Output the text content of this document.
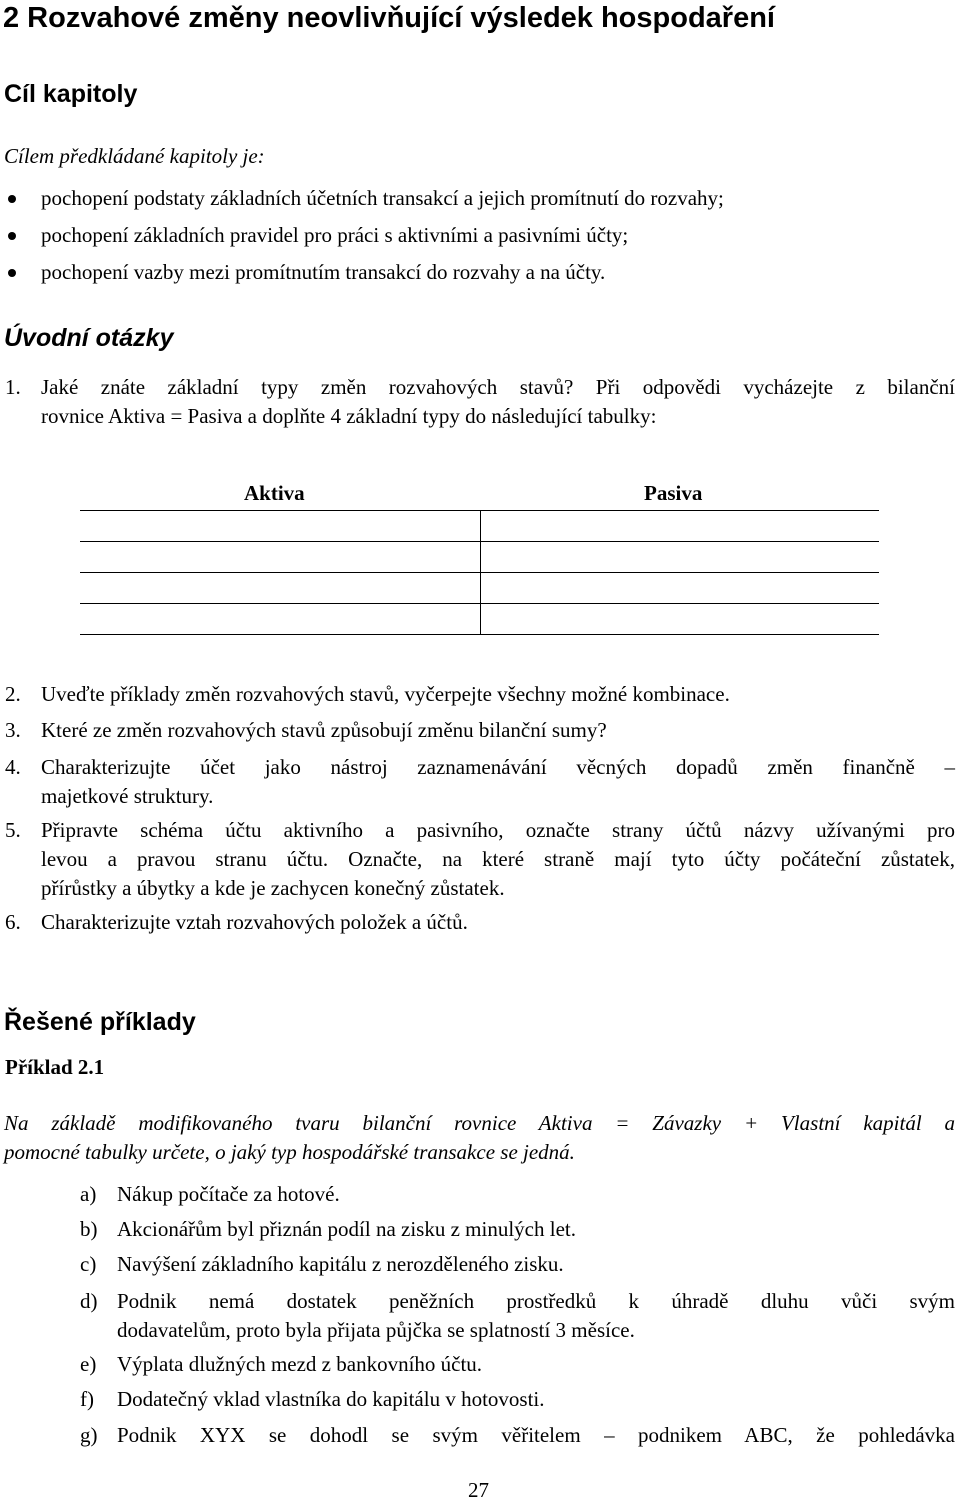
2 Rozvahové změny neovlivňující výsledek hospodaření
Cíl kapitoly
Cílem předkládané kapitoly je:
pochopení podstaty základních účetních transakcí a jejich promítnutí do rozvahy;
pochopení základních pravidel pro práci s aktivními a pasivními účty;
pochopení vazby mezi promítnutím transakcí do rozvahy a na účty.
Úvodní otázky
1. Jaké znáte základní typy změn rozvahových stavů? Při odpovědi vycházejte z bilanční
rovnice Aktiva = Pasiva a doplňte 4 základní typy do následující tabulky:
Aktiva	Pasiva
2. Uveďte příklady změn rozvahových stavů, vyčerpejte všechny možné kombinace.
3. Které ze změn rozvahových stavů způsobují změnu bilanční sumy?
4. Charakterizujte účet jako nástroj zaznamenávání věcných dopadů změn finančně –
majetkové struktury.
5. Připravte schéma účtu aktivního a pasivního, označte strany účtů názvy užívanými pro
levou a pravou stranu účtu. Označte, na které straně mají tyto účty počáteční zůstatek,
přírůstky a úbytky a kde je zachycen konečný zůstatek.
6. Charakterizujte vztah rozvahových položek a účtů.
Řešené příklady
Příklad 2.1
Na základě modifikovaného tvaru bilanční rovnice Aktiva = Závazky + Vlastní kapitál a
pomocné tabulky určete, o jaký typ hospodářské transakce se jedná.
a) Nákup počítače za hotové.
b) Akcionářům byl přiznán podíl na zisku z minulých let.
c) Navýšení základního kapitálu z nerozděleného zisku.
d) Podnik nemá dostatek peněžních prostředků k úhradě dluhu vůči svým
dodavatelům, proto byla přijata půjčka se splatností 3 měsíce.
e) Výplata dlužných mezd z bankovního účtu.
f) Dodatečný vklad vlastníka do kapitálu v hotovosti.
g) Podnik XYX se dohodl se svým věřitelem – podnikem ABC, že pohledávka
27
